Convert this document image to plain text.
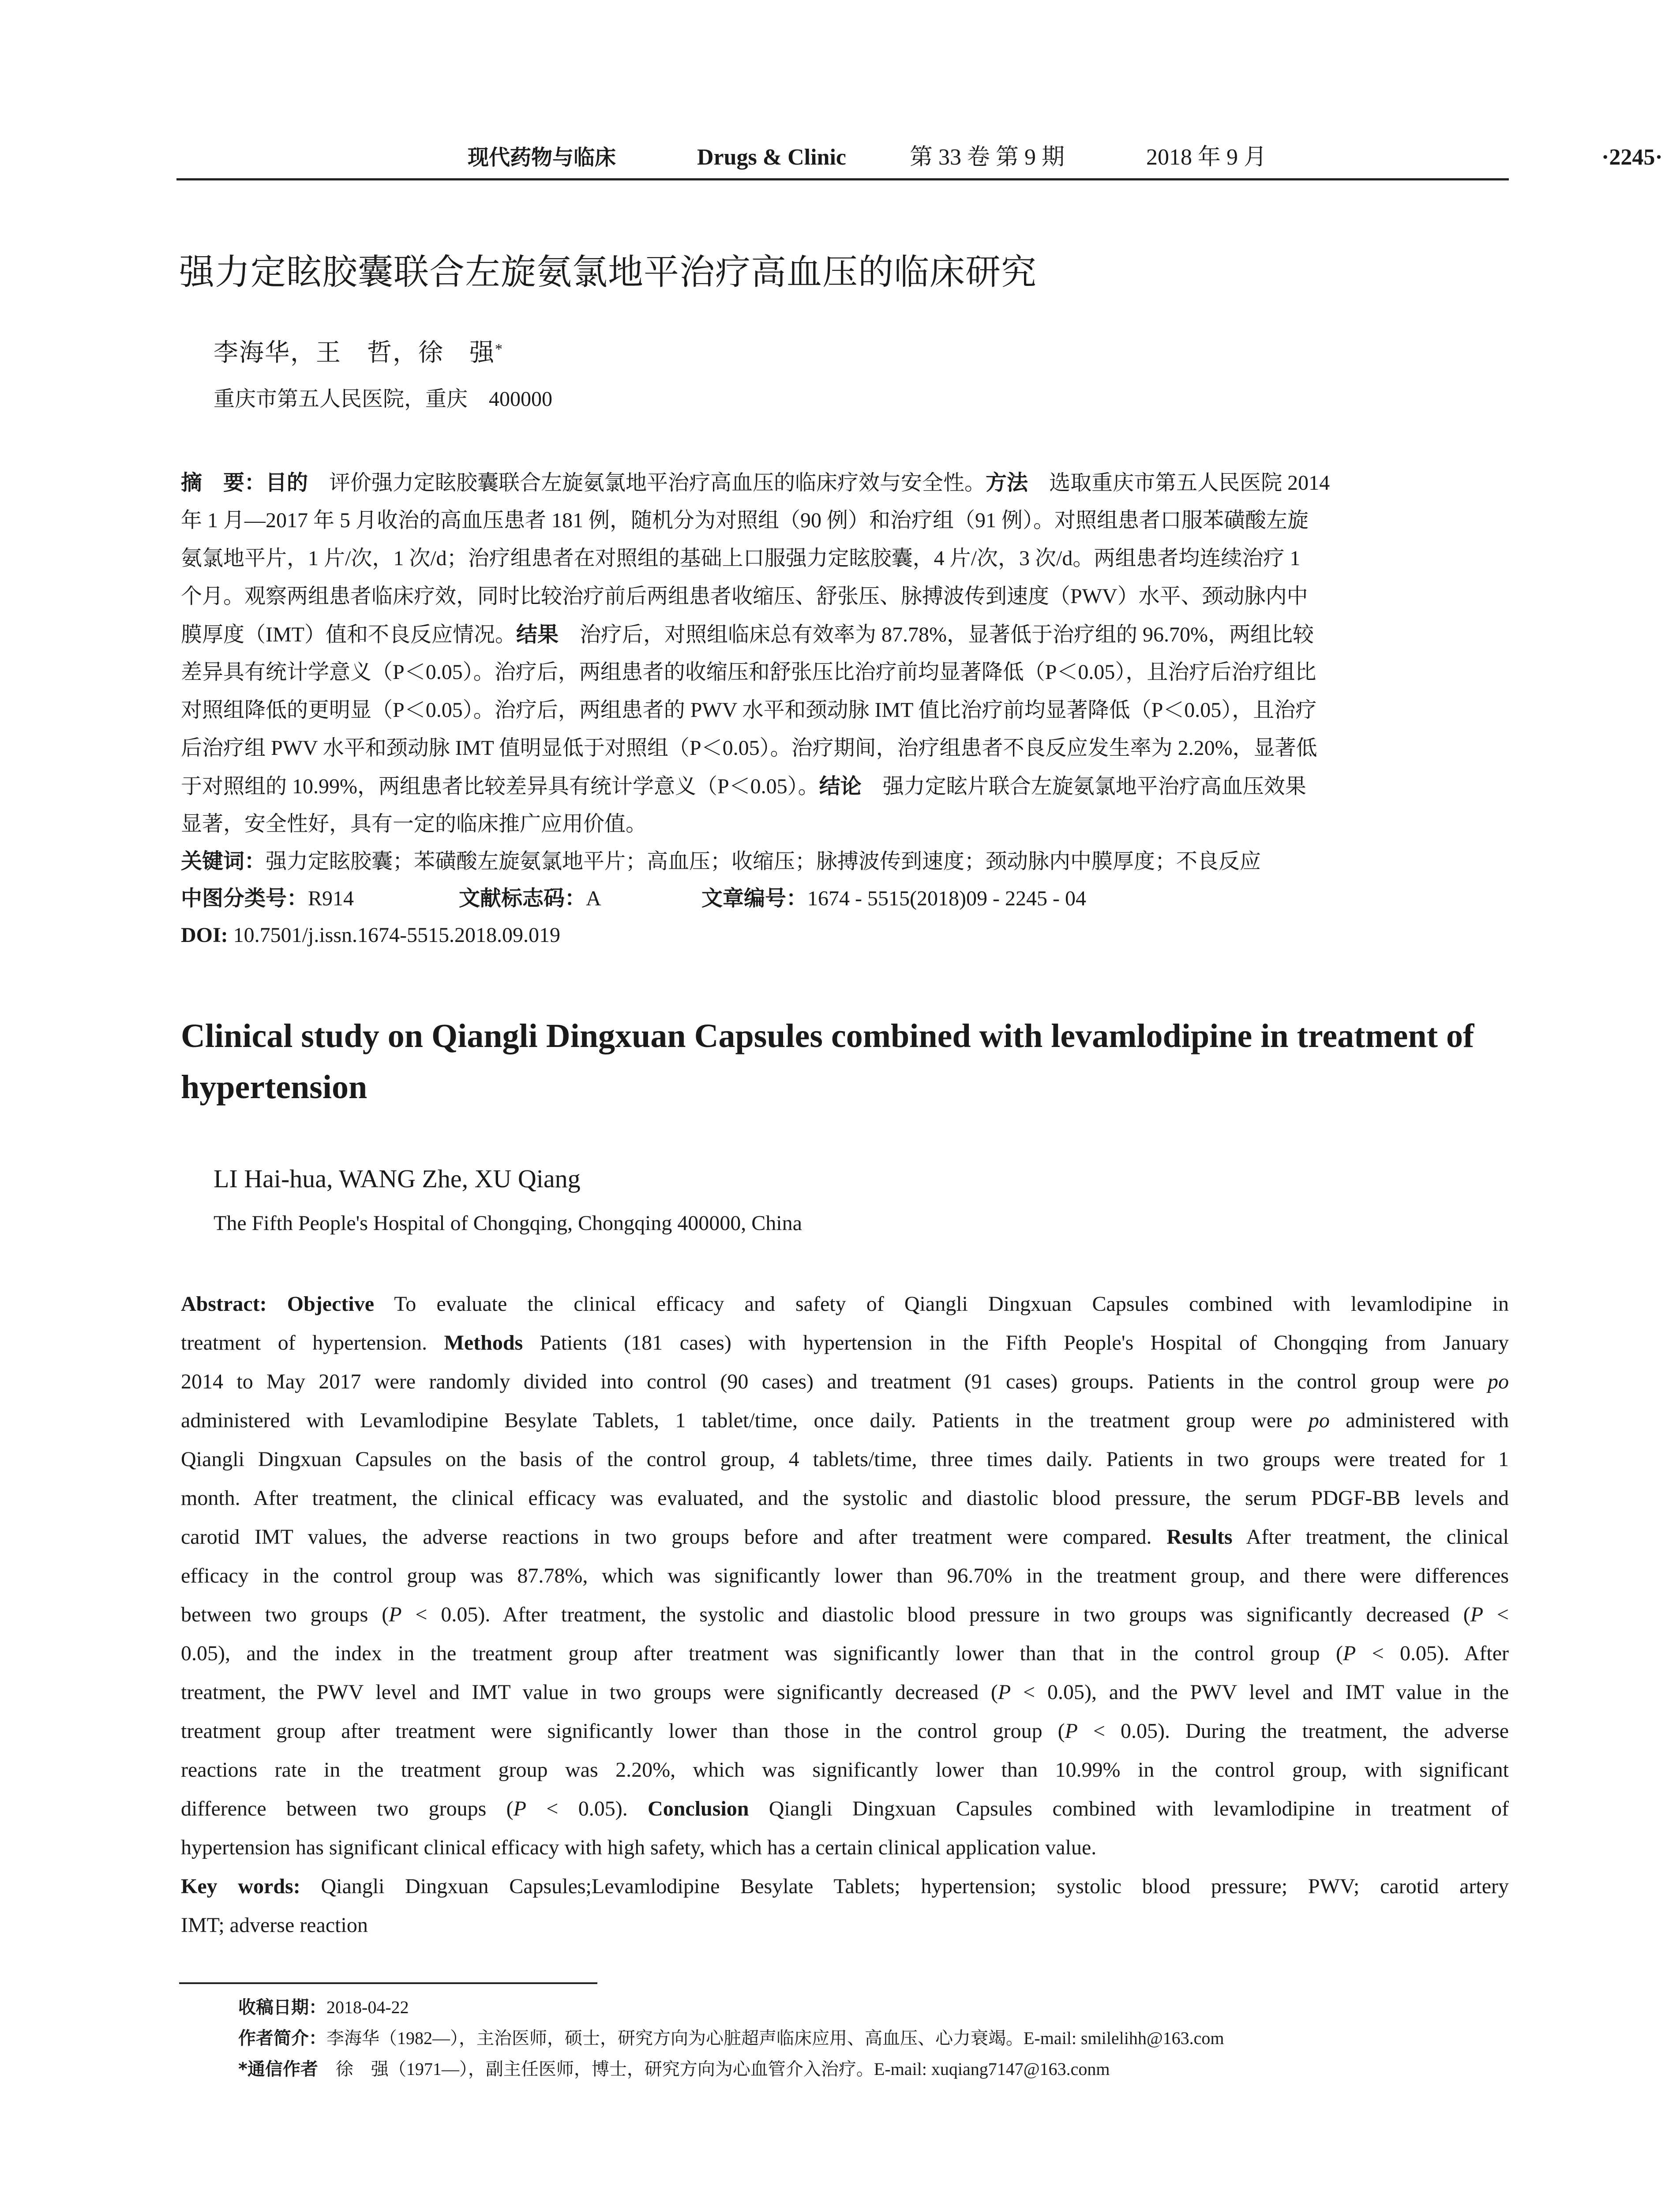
现代药物与临床	Drugs & Clinic	第 33 卷 第 9 期	2018 年 9 月	·2245·
强力定眩胶囊联合左旋氨氯地平治疗高血压的临床研究
李海华，王　哲，徐　强*
重庆市第五人民医院，重庆　400000
摘　要：目的　评价强力定眩胶囊联合左旋氨氯地平治疗高血压的临床疗效与安全性。方法　选取重庆市第五人民医院 2014
年 1 月—2017 年 5 月收治的高血压患者 181 例，随机分为对照组（90 例）和治疗组（91 例）。对照组患者口服苯磺酸左旋
氨氯地平片，1 片/次，1 次/d；治疗组患者在对照组的基础上口服强力定眩胶囊，4 片/次，3 次/d。两组患者均连续治疗 1
个月。观察两组患者临床疗效，同时比较治疗前后两组患者收缩压、舒张压、脉搏波传到速度（PWV）水平、颈动脉内中
膜厚度（IMT）值和不良反应情况。结果　治疗后，对照组临床总有效率为 87.78%，显著低于治疗组的 96.70%，两组比较
差异具有统计学意义（P＜0.05）。治疗后，两组患者的收缩压和舒张压比治疗前均显著降低（P＜0.05），且治疗后治疗组比
对照组降低的更明显（P＜0.05）。治疗后，两组患者的 PWV 水平和颈动脉 IMT 值比治疗前均显著降低（P＜0.05），且治疗
后治疗组 PWV 水平和颈动脉 IMT 值明显低于对照组（P＜0.05）。治疗期间，治疗组患者不良反应发生率为 2.20%，显著低
于对照组的 10.99%，两组患者比较差异具有统计学意义（P＜0.05）。结论　强力定眩片联合左旋氨氯地平治疗高血压效果
显著，安全性好，具有一定的临床推广应用价值。
关键词：强力定眩胶囊；苯磺酸左旋氨氯地平片；高血压；收缩压；脉搏波传到速度；颈动脉内中膜厚度；不良反应
中图分类号：R914	文献标志码：A	文章编号：1674 - 5515(2018)09 - 2245 - 04
DOI: 10.7501/j.issn.1674-5515.2018.09.019
Clinical study on Qiangli Dingxuan Capsules combined with levamlodipine in treatment of hypertension
LI Hai-hua, WANG Zhe, XU Qiang
The Fifth People's Hospital of Chongqing, Chongqing 400000, China
Abstract: Objective To evaluate the clinical efficacy and safety of Qiangli Dingxuan Capsules combined with levamlodipine in
treatment of hypertension. Methods Patients (181 cases) with hypertension in the Fifth People's Hospital of Chongqing from January
2014 to May 2017 were randomly divided into control (90 cases) and treatment (91 cases) groups. Patients in the control group were po
administered with Levamlodipine Besylate Tablets, 1 tablet/time, once daily. Patients in the treatment group were po administered with
Qiangli Dingxuan Capsules on the basis of the control group, 4 tablets/time, three times daily. Patients in two groups were treated for 1
month. After treatment, the clinical efficacy was evaluated, and the systolic and diastolic blood pressure, the serum PDGF-BB levels and
carotid IMT values, the adverse reactions in two groups before and after treatment were compared. Results After treatment, the clinical
efficacy in the control group was 87.78%, which was significantly lower than 96.70% in the treatment group, and there were differences
between two groups (P < 0.05). After treatment, the systolic and diastolic blood pressure in two groups was significantly decreased (P <
0.05), and the index in the treatment group after treatment was significantly lower than that in the control group (P < 0.05). After
treatment, the PWV level and IMT value in two groups were significantly decreased (P < 0.05), and the PWV level and IMT value in the
treatment group after treatment were significantly lower than those in the control group (P < 0.05). During the treatment, the adverse
reactions rate in the treatment group was 2.20%, which was significantly lower than 10.99% in the control group, with significant
difference between two groups (P < 0.05). Conclusion Qiangli Dingxuan Capsules combined with levamlodipine in treatment of
hypertension has significant clinical efficacy with high safety, which has a certain clinical application value.
Key words: Qiangli Dingxuan Capsules;Levamlodipine Besylate Tablets; hypertension; systolic blood pressure; PWV; carotid artery
IMT; adverse reaction
收稿日期：2018-04-22
作者简介：李海华（1982—），主治医师，硕士，研究方向为心脏超声临床应用、高血压、心力衰竭。E-mail: smilelihh@163.com
*通信作者　徐　强（1971—），副主任医师，博士，研究方向为心血管介入治疗。E-mail: xuqiang7147@163.conm
